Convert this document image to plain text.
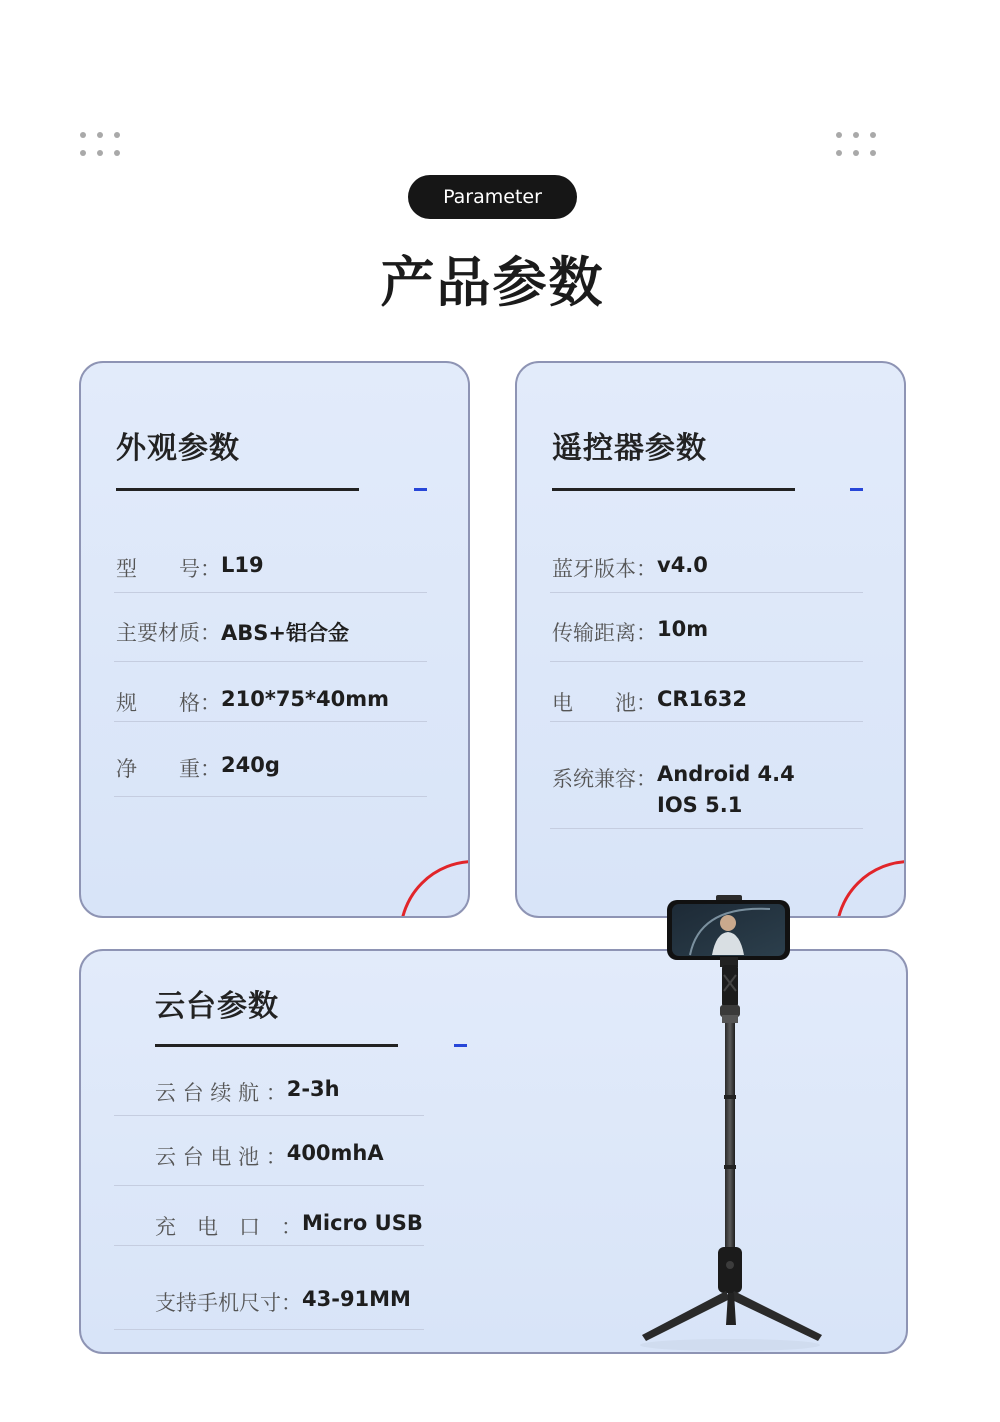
Parameter
产品参数
外观参数
型　　号： L19
主要材质： ABS+铝合金
规　　格： 210*75*40mm
净　　重： 240g
遥控器参数
蓝牙版本： v4.0
传输距离： 10m
电　　池： CR1632
系统兼容： Android 4.4
IOS 5.1
云台参数
云 台 续 航 ： 2-3h
云 台 电 池 ： 400mhA
充　电　口　： Micro USB
支持手机尺寸： 43-91MM
